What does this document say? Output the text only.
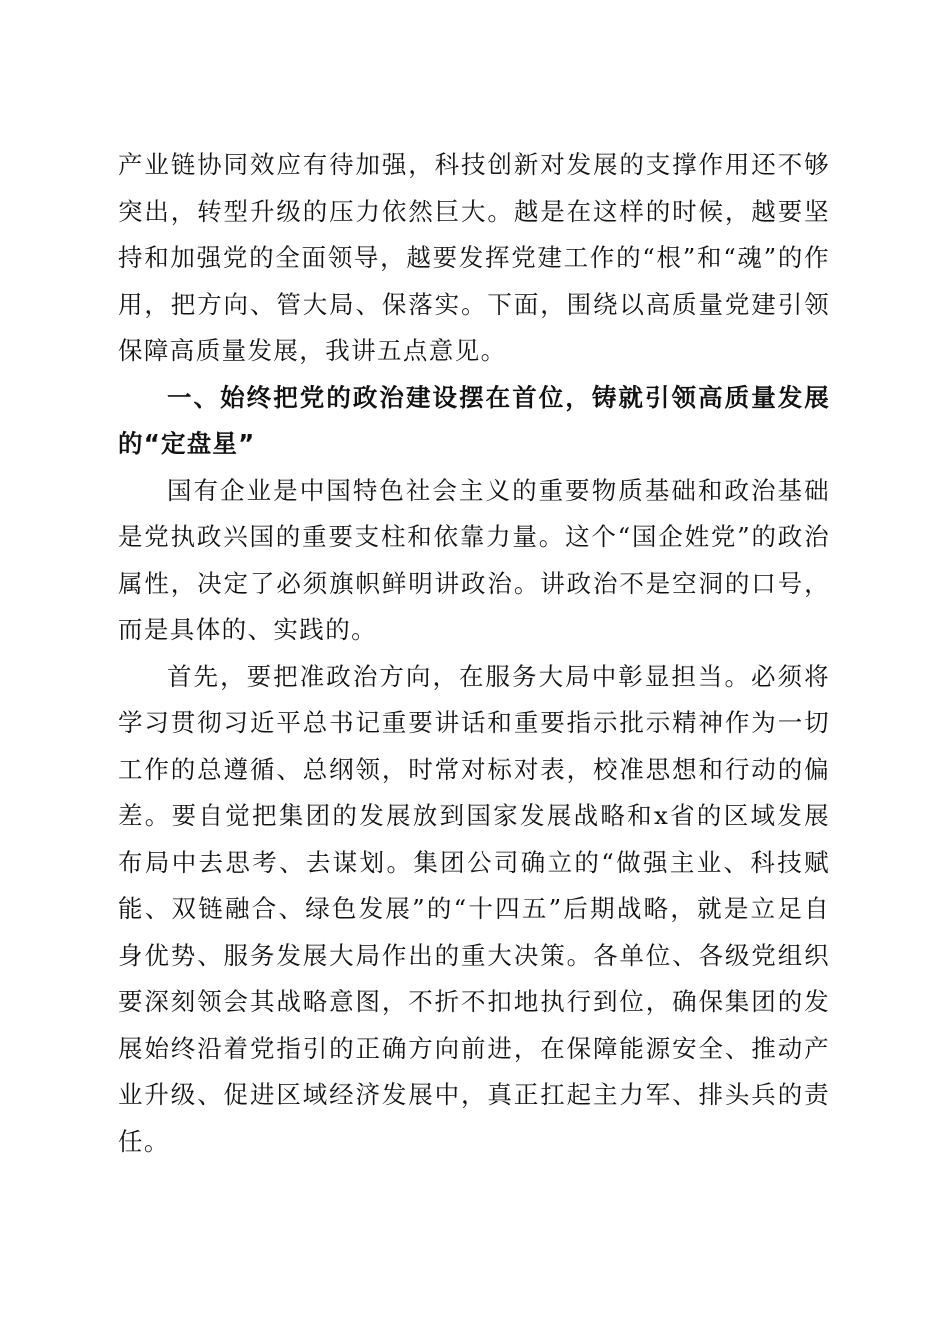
产业链协同效应有待加强，科技创新对发展的支撑作用还不够突出，转型升级的压力依然巨大。越是在这样的时候，越要坚持和加强党的全面领导，越要发挥党建工作的“根”和“魂”的作用，把方向、管大局、保落实。下面，围绕以高质量党建引领保障高质量发展，我讲五点意见。

一、始终把党的政治建设摆在首位，铸就引领高质量发展的“定盘星”

国有企业是中国特色社会主义的重要物质基础和政治基础是党执政兴国的重要支柱和依靠力量。这个“国企姓党”的政治属性，决定了必须旗帜鲜明讲政治。讲政治不是空洞的口号，而是具体的、实践的。

首先，要把准政治方向，在服务大局中彰显担当。必须将学习贯彻习近平总书记重要讲话和重要指示批示精神作为一切工作的总遵循、总纲领，时常对标对表，校准思想和行动的偏差。要自觉把集团的发展放到国家发展战略和x省的区域发展布局中去思考、去谋划。集团公司确立的“做强主业、科技赋能、双链融合、绿色发展”的“十四五”后期战略，就是立足自身优势、服务发展大局作出的重大决策。各单位、各级党组织要深刻领会其战略意图，不折不扣地执行到位，确保集团的发展始终沿着党指引的正确方向前进，在保障能源安全、推动产业升级、促进区域经济发展中，真正扛起主力军、排头兵的责任。
